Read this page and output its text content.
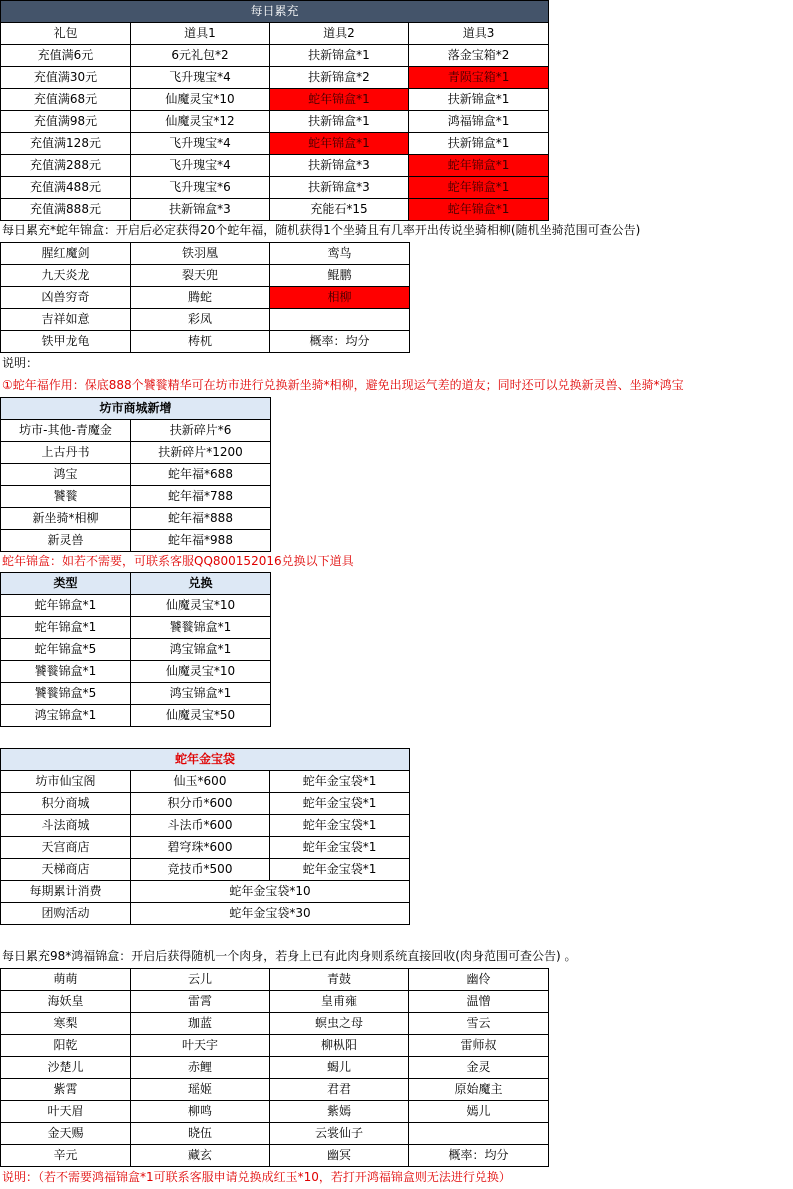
每日累充			
礼包	道具1	道具2	道具3
充值满6元	6元礼包*2	扶新锦盒*1	落金宝箱*2
充值满30元	飞升瑰宝*4	扶新锦盒*2	青陨宝箱*1
充值满68元	仙魔灵宝*10	蛇年锦盒*1	扶新锦盒*1
充值满98元	仙魔灵宝*12	扶新锦盒*1	鸿福锦盒*1
充值满128元	飞升瑰宝*4	蛇年锦盒*1	扶新锦盒*1
充值满288元	飞升瑰宝*4	扶新锦盒*3	蛇年锦盒*1
充值满488元	飞升瑰宝*6	扶新锦盒*3	蛇年锦盒*1
充值满888元	扶新锦盒*3	充能石*15	蛇年锦盒*1
每日累充*蛇年锦盒：开启后必定获得20个蛇年福，随机获得1个坐骑且有几率开出传说坐骑相柳(随机坐骑范围可查公告)
腥红魔剑	铁羽凰	鸾鸟
九天炎龙	裂天兜	鲲鹏
凶兽穷奇	腾蛇	相柳
吉祥如意	彩凤	
铁甲龙龟	梼杌	概率：均分
说明：
①蛇年福作用：保底888个饕餮精华可在坊市进行兑换新坐骑*相柳，避免出现运气差的道友；同时还可以兑换新灵兽、坐骑*鸿宝
坊市商城新增	
坊市-其他-青魔金	扶新碎片*6
上古丹书	扶新碎片*1200
鸿宝	蛇年福*688
饕餮	蛇年福*788
新坐骑*相柳	蛇年福*888
新灵兽	蛇年福*988
蛇年锦盒：如若不需要，可联系客服QQ800152016兑换以下道具
类型	兑换
蛇年锦盒*1	仙魔灵宝*10
蛇年锦盒*1	饕餮锦盒*1
蛇年锦盒*5	鸿宝锦盒*1
饕餮锦盒*1	仙魔灵宝*10
饕餮锦盒*5	鸿宝锦盒*1
鸿宝锦盒*1	仙魔灵宝*50
蛇年金宝袋		
坊市仙宝阁	仙玉*600	蛇年金宝袋*1
积分商城	积分币*600	蛇年金宝袋*1
斗法商城	斗法币*600	蛇年金宝袋*1
天宫商店	碧穹珠*600	蛇年金宝袋*1
天梯商店	竞技币*500	蛇年金宝袋*1
每期累计消费	蛇年金宝袋*10	
团购活动	蛇年金宝袋*30	
每日累充98*鸿福锦盒：开启后获得随机一个肉身，若身上已有此肉身则系统直接回收(肉身范围可查公告) 。
萌萌	云儿	青鼓	幽伶
海妖皇	雷霄	皇甫雍	温憎
寒梨	珈蓝	螟虫之母	雪云
阳乾	叶天宇	柳枞阳	雷师叔
沙楚儿	赤鲤	蝎儿	金灵
紫霄	瑶姬	君君	原始魔主
叶天眉	柳鸣	紫嫣	嫣儿
金天赐	晓伍	云裳仙子	
辛元	藏玄	幽冥	概率：均分
说明：（若不需要鸿福锦盒*1可联系客服申请兑换成红玉*10，若打开鸿福锦盒则无法进行兑换）
